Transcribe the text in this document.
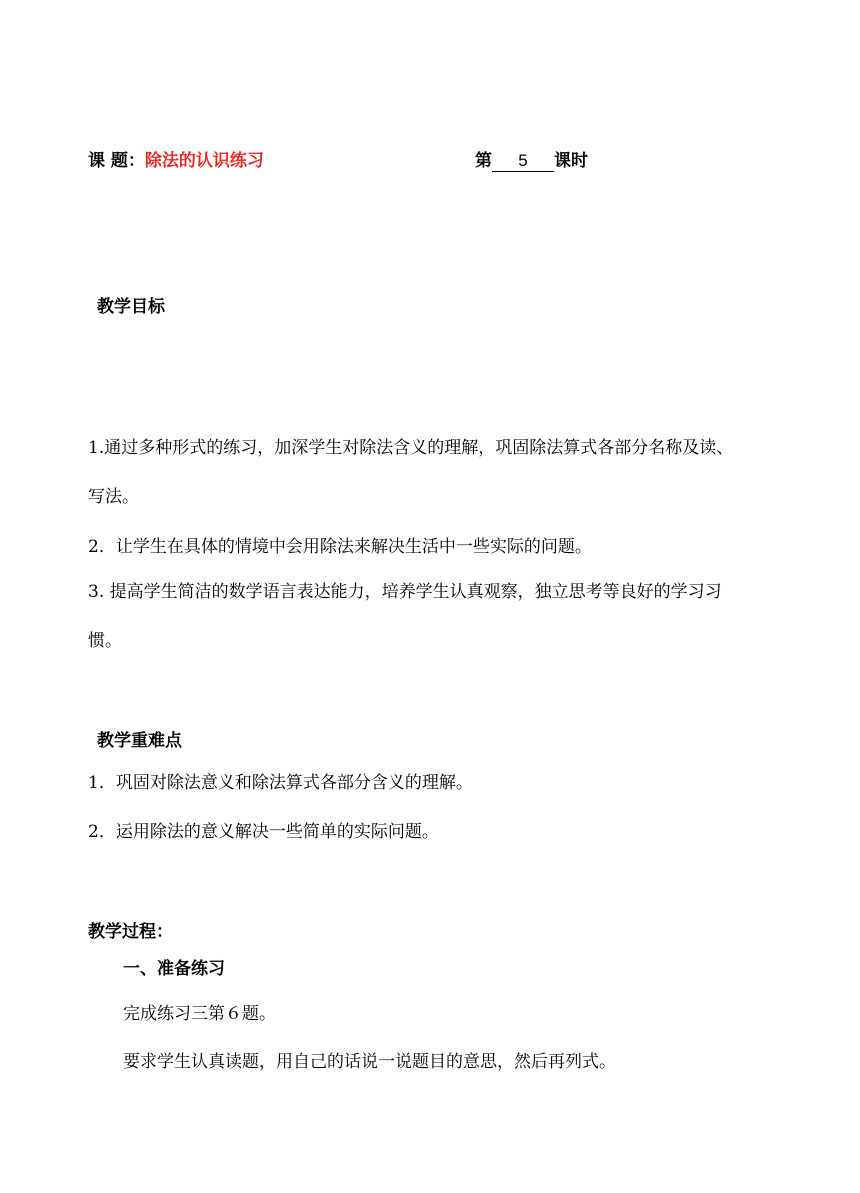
课 题：除法的认识练习	第 5 课时
教学目标
1.通过多种形式的练习，加深学生对除法含义的理解，巩固除法算式各部分名称及读、
写法。
2．让学生在具体的情境中会用除法来解决生活中一些实际的问题。
3. 提高学生简洁的数学语言表达能力，培养学生认真观察，独立思考等良好的学习习
惯。
教学重难点
1．巩固对除法意义和除法算式各部分含义的理解。
2．运用除法的意义解决一些简单的实际问题。
教学过程：
一、准备练习
完成练习三第６题。
要求学生认真读题，用自己的话说一说题目的意思，然后再列式。
